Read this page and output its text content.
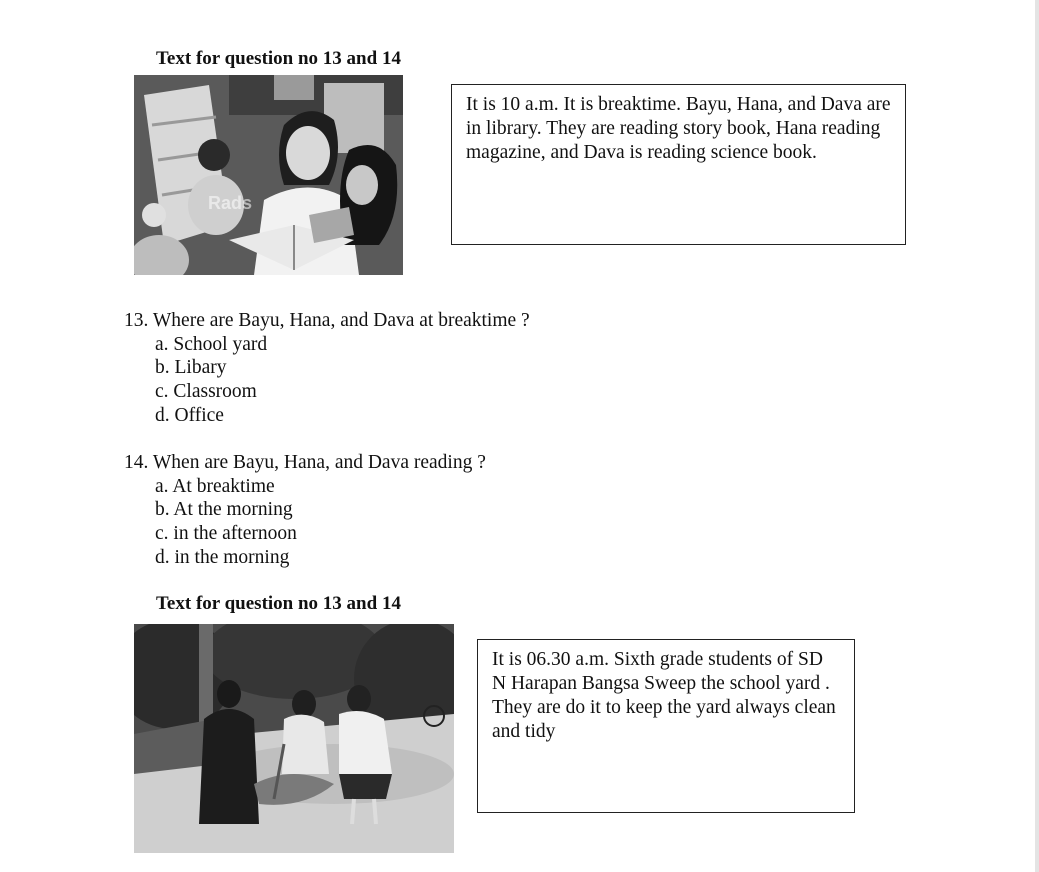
Text for question no 13 and 14
Rads

It is 10 a.m. It is breaktime. Bayu, Hana, and Dava are in library. They are reading story book, Hana reading magazine, and Dava is reading science book.

13. Where are Bayu, Hana, and Dava at breaktime ?

a. School yard
b. Libary
c. Classroom
d. Office

14. When are Bayu, Hana, and Dava reading ?

a. At breaktime
b. At the morning
c. in the afternoon
d. in the morning
Text for question no 13 and 14

It is 06.30 a.m. Sixth grade students of SD N Harapan Bangsa Sweep the school yard . They are do it to keep the yard always clean and tidy
